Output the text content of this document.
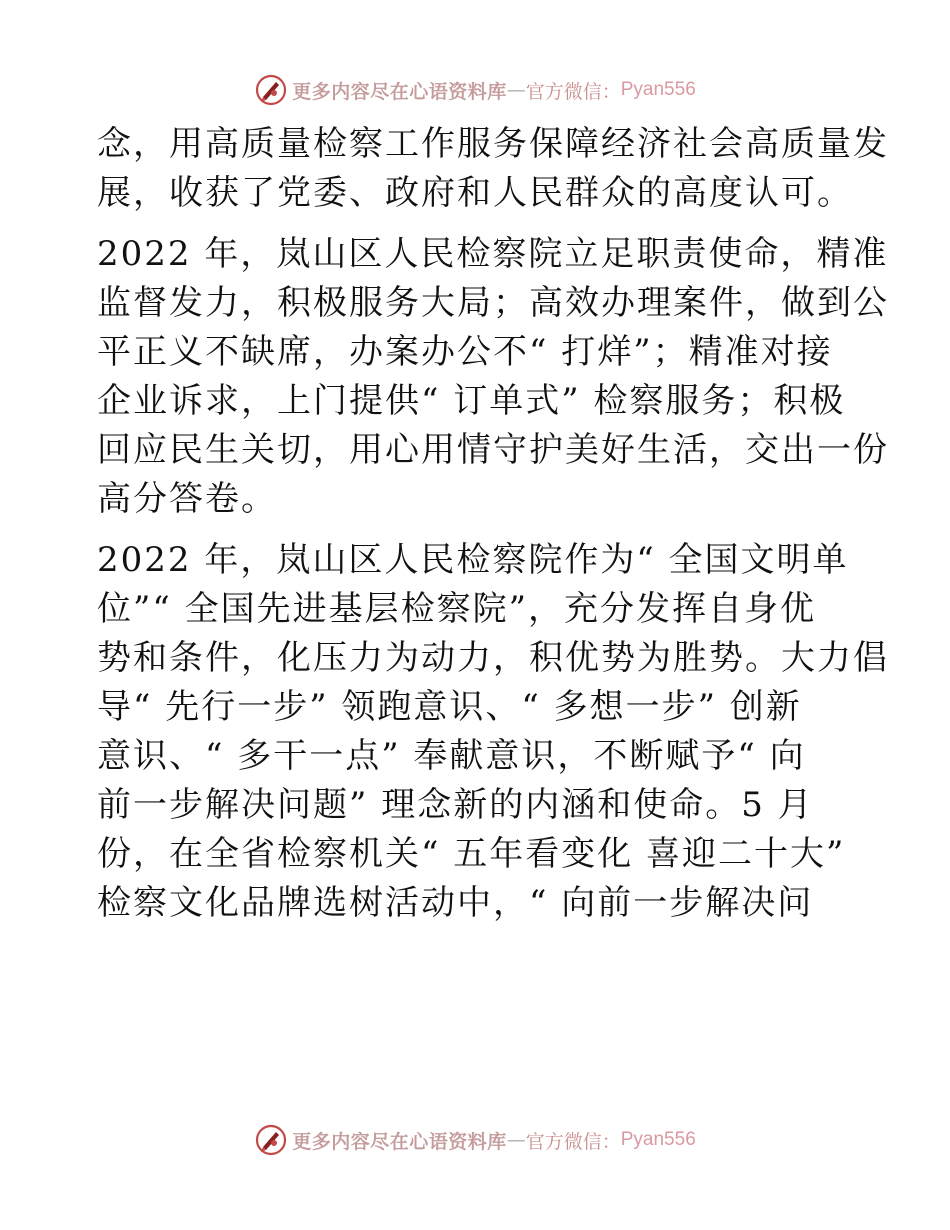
更多内容尽在心语资料库 — 官方微信： Pyan556
念，用高质量检察工作服务保障经济社会高质量发
展，收获了党委、政府和人民群众的高度认可。
2022 年，岚山区人民检察院立足职责使命，精准
监督发力，积极服务大局；高效办理案件，做到公
平正义不缺席，办案办公不“ 打烊”；精准对接
企业诉求，上门提供“ 订单式” 检察服务；积极
回应民生关切，用心用情守护美好生活，交出一份
高分答卷。
2022 年，岚山区人民检察院作为“ 全国文明单
位”“ 全国先进基层检察院”，充分发挥自身优
势和条件，化压力为动力，积优势为胜势。大力倡
导“ 先行一步” 领跑意识、“ 多想一步” 创新
意识、“ 多干一点” 奉献意识，不断赋予“ 向
前一步解决问题” 理念新的内涵和使命。5 月
份，在全省检察机关“ 五年看变化 喜迎二十大”
检察文化品牌选树活动中，“ 向前一步解决问
更多内容尽在心语资料库 — 官方微信： Pyan556
